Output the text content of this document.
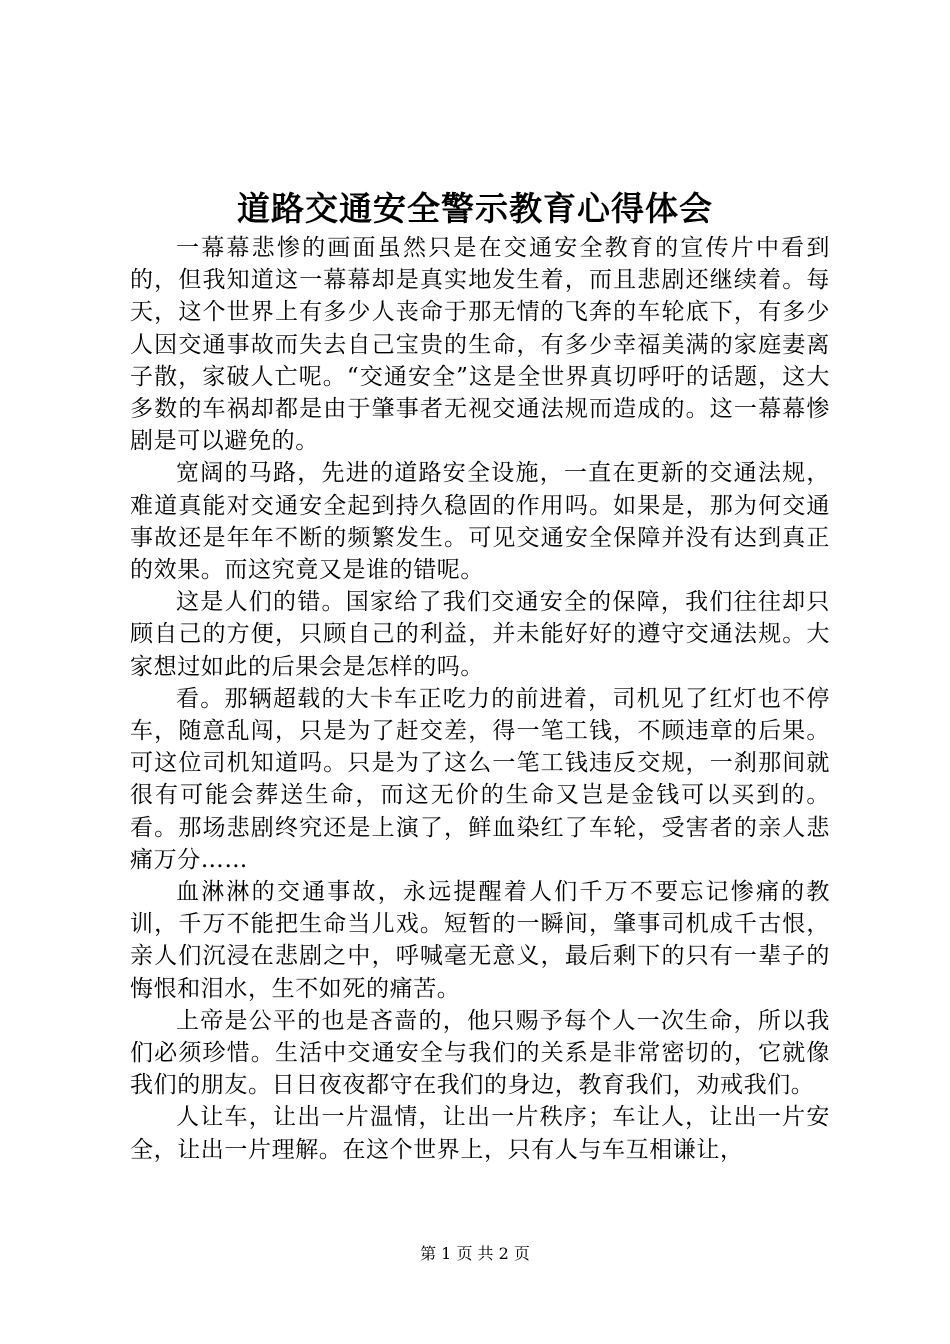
道路交通安全警示教育心得体会

一幕幕悲惨的画面虽然只是在交通安全教育的宣传片中看到的，但我知道这一幕幕却是真实地发生着，而且悲剧还继续着。每天，这个世界上有多少人丧命于那无情的飞奔的车轮底下，有多少人因交通事故而失去自己宝贵的生命，有多少幸福美满的家庭妻离子散，家破人亡呢。“交通安全”这是全世界真切呼吁的话题，这大多数的车祸却都是由于肇事者无视交通法规而造成的。这一幕幕惨剧是可以避免的。

宽阔的马路，先进的道路安全设施，一直在更新的交通法规，难道真能对交通安全起到持久稳固的作用吗。如果是，那为何交通事故还是年年不断的频繁发生。可见交通安全保障并没有达到真正的效果。而这究竟又是谁的错呢。

这是人们的错。国家给了我们交通安全的保障，我们往往却只顾自己的方便，只顾自己的利益，并未能好好的遵守交通法规。大家想过如此的后果会是怎样的吗。

看。那辆超载的大卡车正吃力的前进着，司机见了红灯也不停车，随意乱闯，只是为了赶交差，得一笔工钱，不顾违章的后果。可这位司机知道吗。只是为了这么一笔工钱违反交规，一刹那间就很有可能会葬送生命，而这无价的生命又岂是金钱可以买到的。看。那场悲剧终究还是上演了，鲜血染红了车轮，受害者的亲人悲痛万分……

血淋淋的交通事故，永远提醒着人们千万不要忘记惨痛的教训，千万不能把生命当儿戏。短暂的一瞬间，肇事司机成千古恨，亲人们沉浸在悲剧之中，呼喊毫无意义，最后剩下的只有一辈子的悔恨和泪水，生不如死的痛苦。

上帝是公平的也是吝啬的，他只赐予每个人一次生命，所以我们必须珍惜。生活中交通安全与我们的关系是非常密切的，它就像我们的朋友。日日夜夜都守在我们的身边，教育我们，劝戒我们。

人让车，让出一片温情，让出一片秩序；车让人，让出一片安全，让出一片理解。在这个世界上，只有人与车互相谦让，

第 1 页 共 2 页
